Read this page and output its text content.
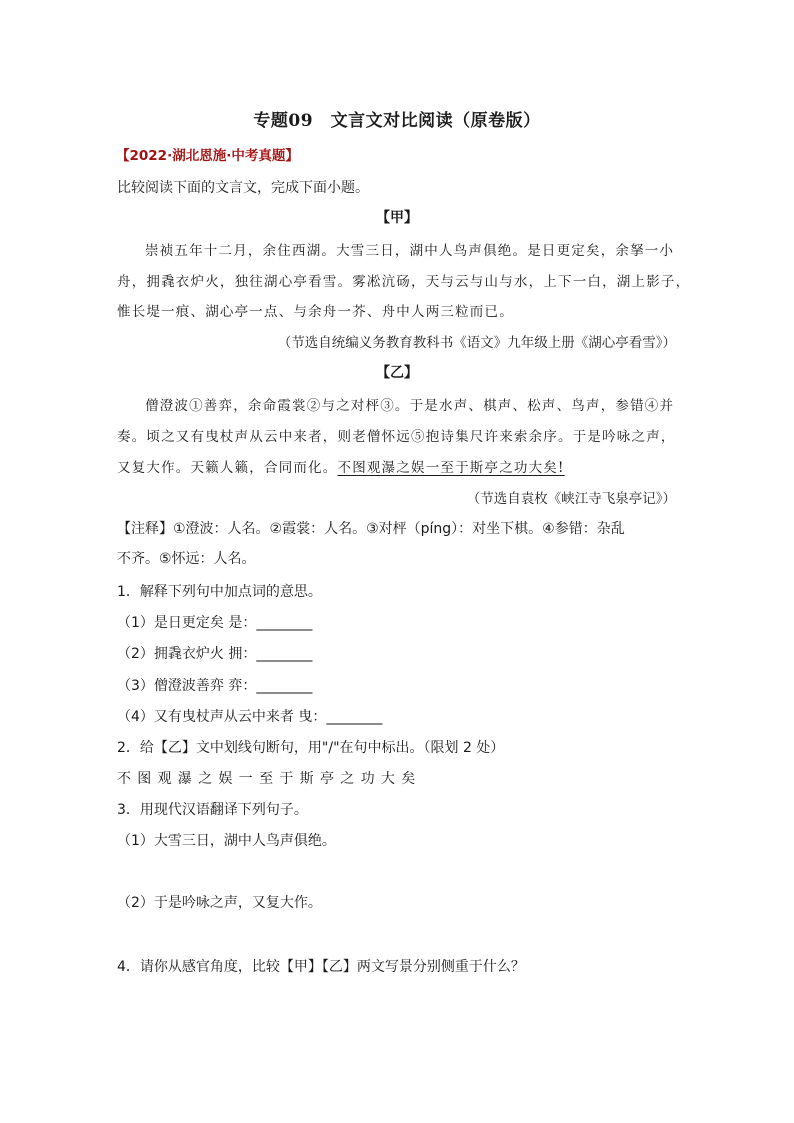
专题09　文言文对比阅读（原卷版）
【2022·湖北恩施·中考真题】
比较阅读下面的文言文，完成下面小题。
【甲】
崇祯五年十二月，余住西湖。大雪三日，湖中人鸟声俱绝。是日更定矣，余拏一小
舟，拥毳衣炉火，独往湖心亭看雪。雾凇沆砀，天与云与山与水，上下一白，湖上影子，
惟长堤一痕、湖心亭一点、与余舟一芥、舟中人两三粒而已。
（节选自统编义务教育教科书《语文》九年级上册《湖心亭看雪》）
【乙】
僧澄波①善弈，余命霞裳②与之对枰③。于是水声、棋声、松声、鸟声，参错④并
奏。顷之又有曳杖声从云中来者，则老僧怀远⑤抱诗集尺许来索余序。于是吟咏之声，
又复大作。天籁人籁，合同而化。不图观瀑之娱一至于斯亭之功大矣!
（节选自袁枚《峡江寺飞泉亭记》）
【注释】①澄波：人名。②霞裳：人名。③对枰（píng）：对坐下棋。④参错：杂乱
不齐。⑤怀远：人名。
1．解释下列句中加点词的意思。
（1）是日更定矣 是：________
（2）拥毳衣炉火 拥：________
（3）僧澄波善弈 弈：________
（4）又有曳杖声从云中来者 曳：________
2．给【乙】文中划线句断句，用"/"在句中标出。（限划 2 处）
不图观瀑之娱一至于斯亭之功大矣
3．用现代汉语翻译下列句子。
（1）大雪三日，湖中人鸟声俱绝。
（2）于是吟咏之声，又复大作。
4．请你从感官角度，比较【甲】【乙】两文写景分别侧重于什么？
